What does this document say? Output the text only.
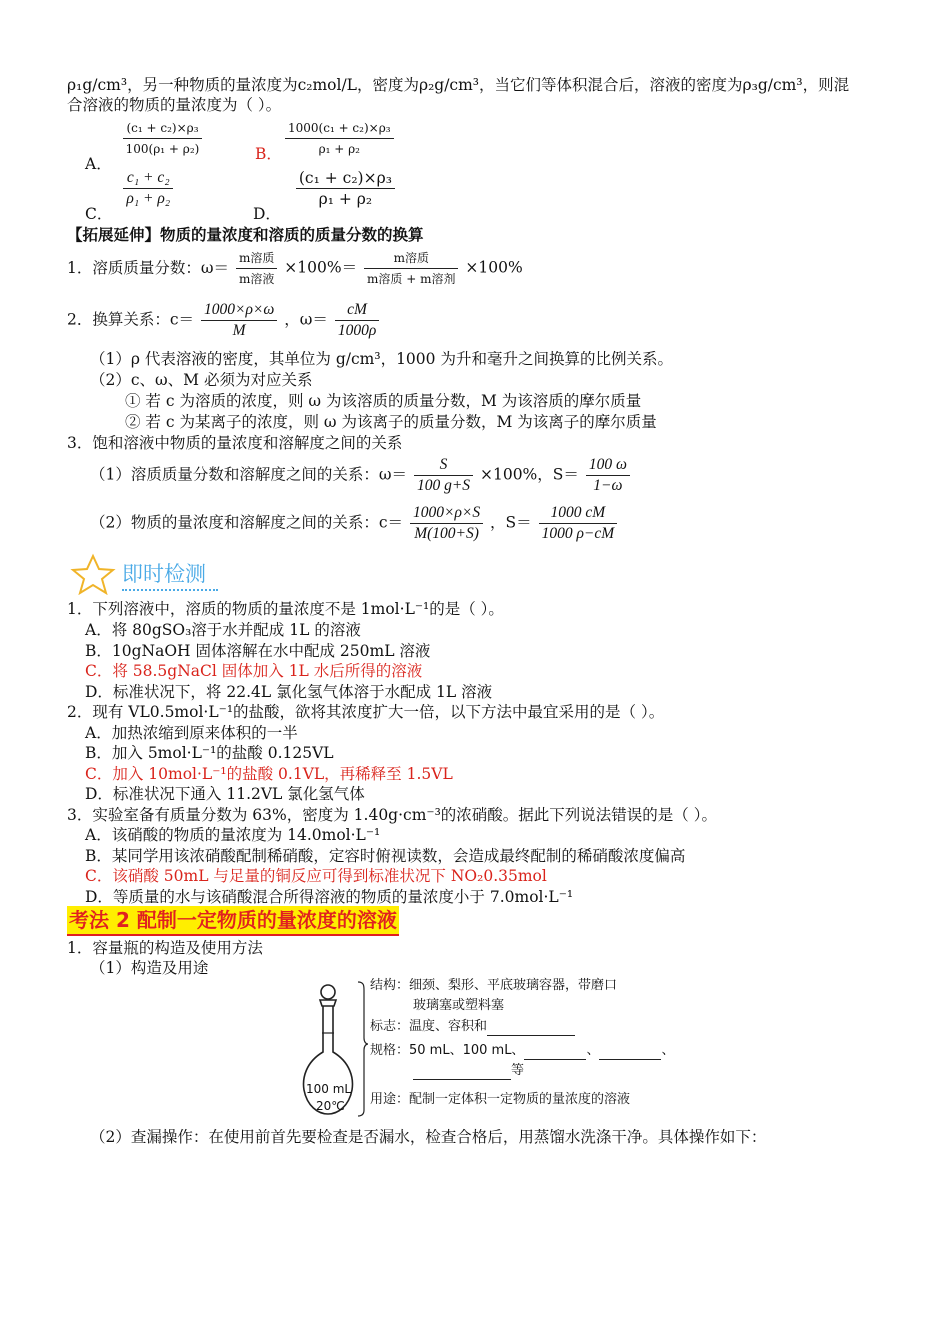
ρ₁g/cm³，另一种物质的量浓度为c₂mol/L，密度为ρ₂g/cm³，当它们等体积混合后，溶液的密度为ρ₃g/cm³，则混
合溶液的物质的量浓度为（ ）。
A．
$\frac{\text{(c₁ + c₂)×ρ₃}}{\text{100(ρ₁ + ρ₂)}}$	B． $\frac{\text{1000(c₁ + c₂)×ρ₃}}{\text{ρ₁ + ρ₂}}$
C．
$\frac{\text{c₁ + c₂}}{\text{ρ₁ + ρ₂}}$
D．
$\frac{\text{(c₁ + c₂)×ρ₃}}{\text{ρ₁ + ρ₂}}$
【拓展延伸】物质的量浓度和溶质的质量分数的换算
1．溶质质量分数：$\omega= \frac{\text{m溶质}}{\text{m溶液}} \times 100\%= \frac{\text{m溶质}}{\text{m溶质 + m溶剂}} \times 100\%$
2．换算关系：$c= \frac{1000\times\rho\times\omega}{M}$ ，$\omega= \frac{cM}{1000\rho}$
（1）ρ 代表溶液的密度，其单位为 g/cm³，1000 为升和毫升之间换算的比例关系。
（2）c、ω、M 必须为对应关系
① 若 c 为溶质的浓度，则 ω 为该溶质的质量分数，M 为该溶质的摩尔质量
② 若 c 为某离子的浓度，则 ω 为该离子的质量分数，M 为该离子的摩尔质量
3．饱和溶液中物质的量浓度和溶解度之间的关系
（1）溶质质量分数和溶解度之间的关系：$\omega= \frac{S}{100 g+S} \times 100\%$，$S= \frac{100 \omega}{1-\omega}$
（2）物质的量浓度和溶解度之间的关系：$c= \frac{1000\times\rho\times S}{M(100+S)}$ ，$S= \frac{1000 cM}{1000 \rho-cM}$
即时检测
1．下列溶液中，溶质的物质的量浓度不是 1mol·L⁻¹的是（ ）。
A．将 80gSO₃溶于水并配成 1L 的溶液
B．10gNaOH 固体溶解在水中配成 250mL 溶液
C．将 58.5gNaCl 固体加入 1L 水后所得的溶液
D．标准状况下，将 22.4L 氯化氢气体溶于水配成 1L 溶液
2．现有 VL0.5mol·L⁻¹的盐酸，欲将其浓度扩大一倍，以下方法中最宜采用的是（ ）。
A．加热浓缩到原来体积的一半
B．加入 5mol·L⁻¹的盐酸 0.125VL
C．加入 10mol·L⁻¹的盐酸 0.1VL，再稀释至 1.5VL
D．标准状况下通入 11.2VL 氯化氢气体
3．实验室备有质量分数为 63%，密度为 1.40g·cm⁻³的浓硝酸。据此下列说法错误的是（ ）。
A．该硝酸的物质的量浓度为 14.0mol·L⁻¹
B．某同学用该浓硝酸配制稀硝酸，定容时俯视读数，会造成最终配制的稀硝酸浓度偏高
C．该硝酸 50mL 与足量的铜反应可得到标准状况下 NO₂0.35mol
D．等质量的水与该硝酸混合所得溶液的物质的量浓度小于 7.0mol·L⁻¹
考法 2 配制一定物质的量浓度的溶液
1．容量瓶的构造及使用方法
（1）构造及用途
100 mL
20℃
结构：细颈、梨形、平底玻璃容器，带磨口
玻璃塞或塑料塞
标志：温度、容积和
规格：50 mL、100 mL、	、	、
等
用途：配制一定体积一定物质的量浓度的溶液
（2）查漏操作：在使用前首先要检查是否漏水，检查合格后，用蒸馏水洗涤干净。具体操作如下：
